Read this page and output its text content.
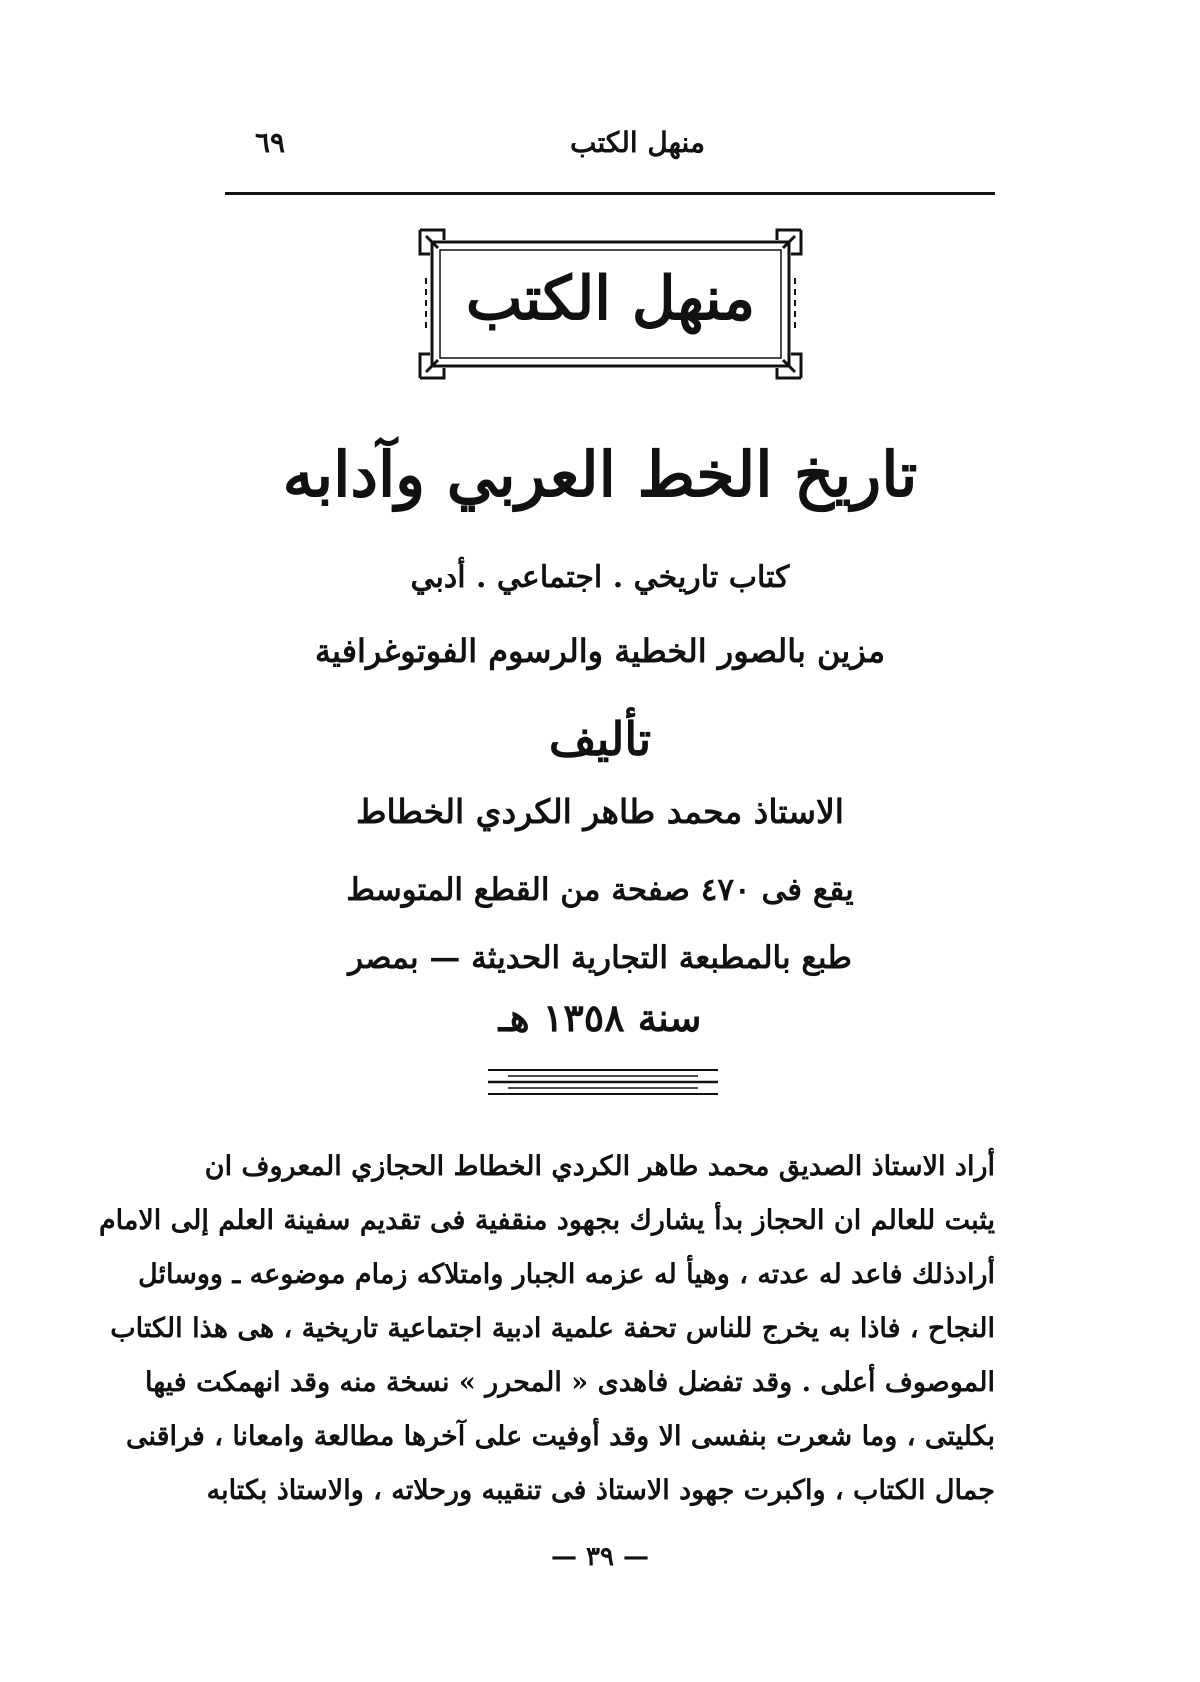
منهل الكتب
٦٩
منهل الكتب
تاريخ الخط العربي وآدابه
كتاب تاريخي . اجتماعي . أدبي
مزين بالصور الخطية والرسوم الفوتوغرافية
تأليف
الاستاذ محمد طاهر الكردي الخطاط
يقع فى ٤٧٠ صفحة من القطع المتوسط
طبع بالمطبعة التجارية الحديثة — بمصر
سنة ١٣٥٨ هـ
أراد الاستاذ الصديق محمد طاهر الكردي الخطاط الحجازي المعروف ان
يثبت للعالم ان الحجاز بدأ يشارك بجهود منقفية فى تقديم سفينة العلم إلى الامام
أرادذلك فاعد له عدته ، وهيأ له عزمه الجبار وامتلاكه زمام موضوعه ـ ووسائل
النجاح ، فاذا به يخرج للناس تحفة علمية ادبية اجتماعية تاريخية ، هى هذا الكتاب
الموصوف أعلى . وقد تفضل فاهدى « المحرر » نسخة منه وقد انهمكت فيها
بكليتى ، وما شعرت بنفسى الا وقد أوفيت على آخرها مطالعة وامعانا ، فراقنى
جمال الكتاب ، واكبرت جهود الاستاذ فى تنقيبه ورحلاته ، والاستاذ بكتابه
— ٣٩ —
